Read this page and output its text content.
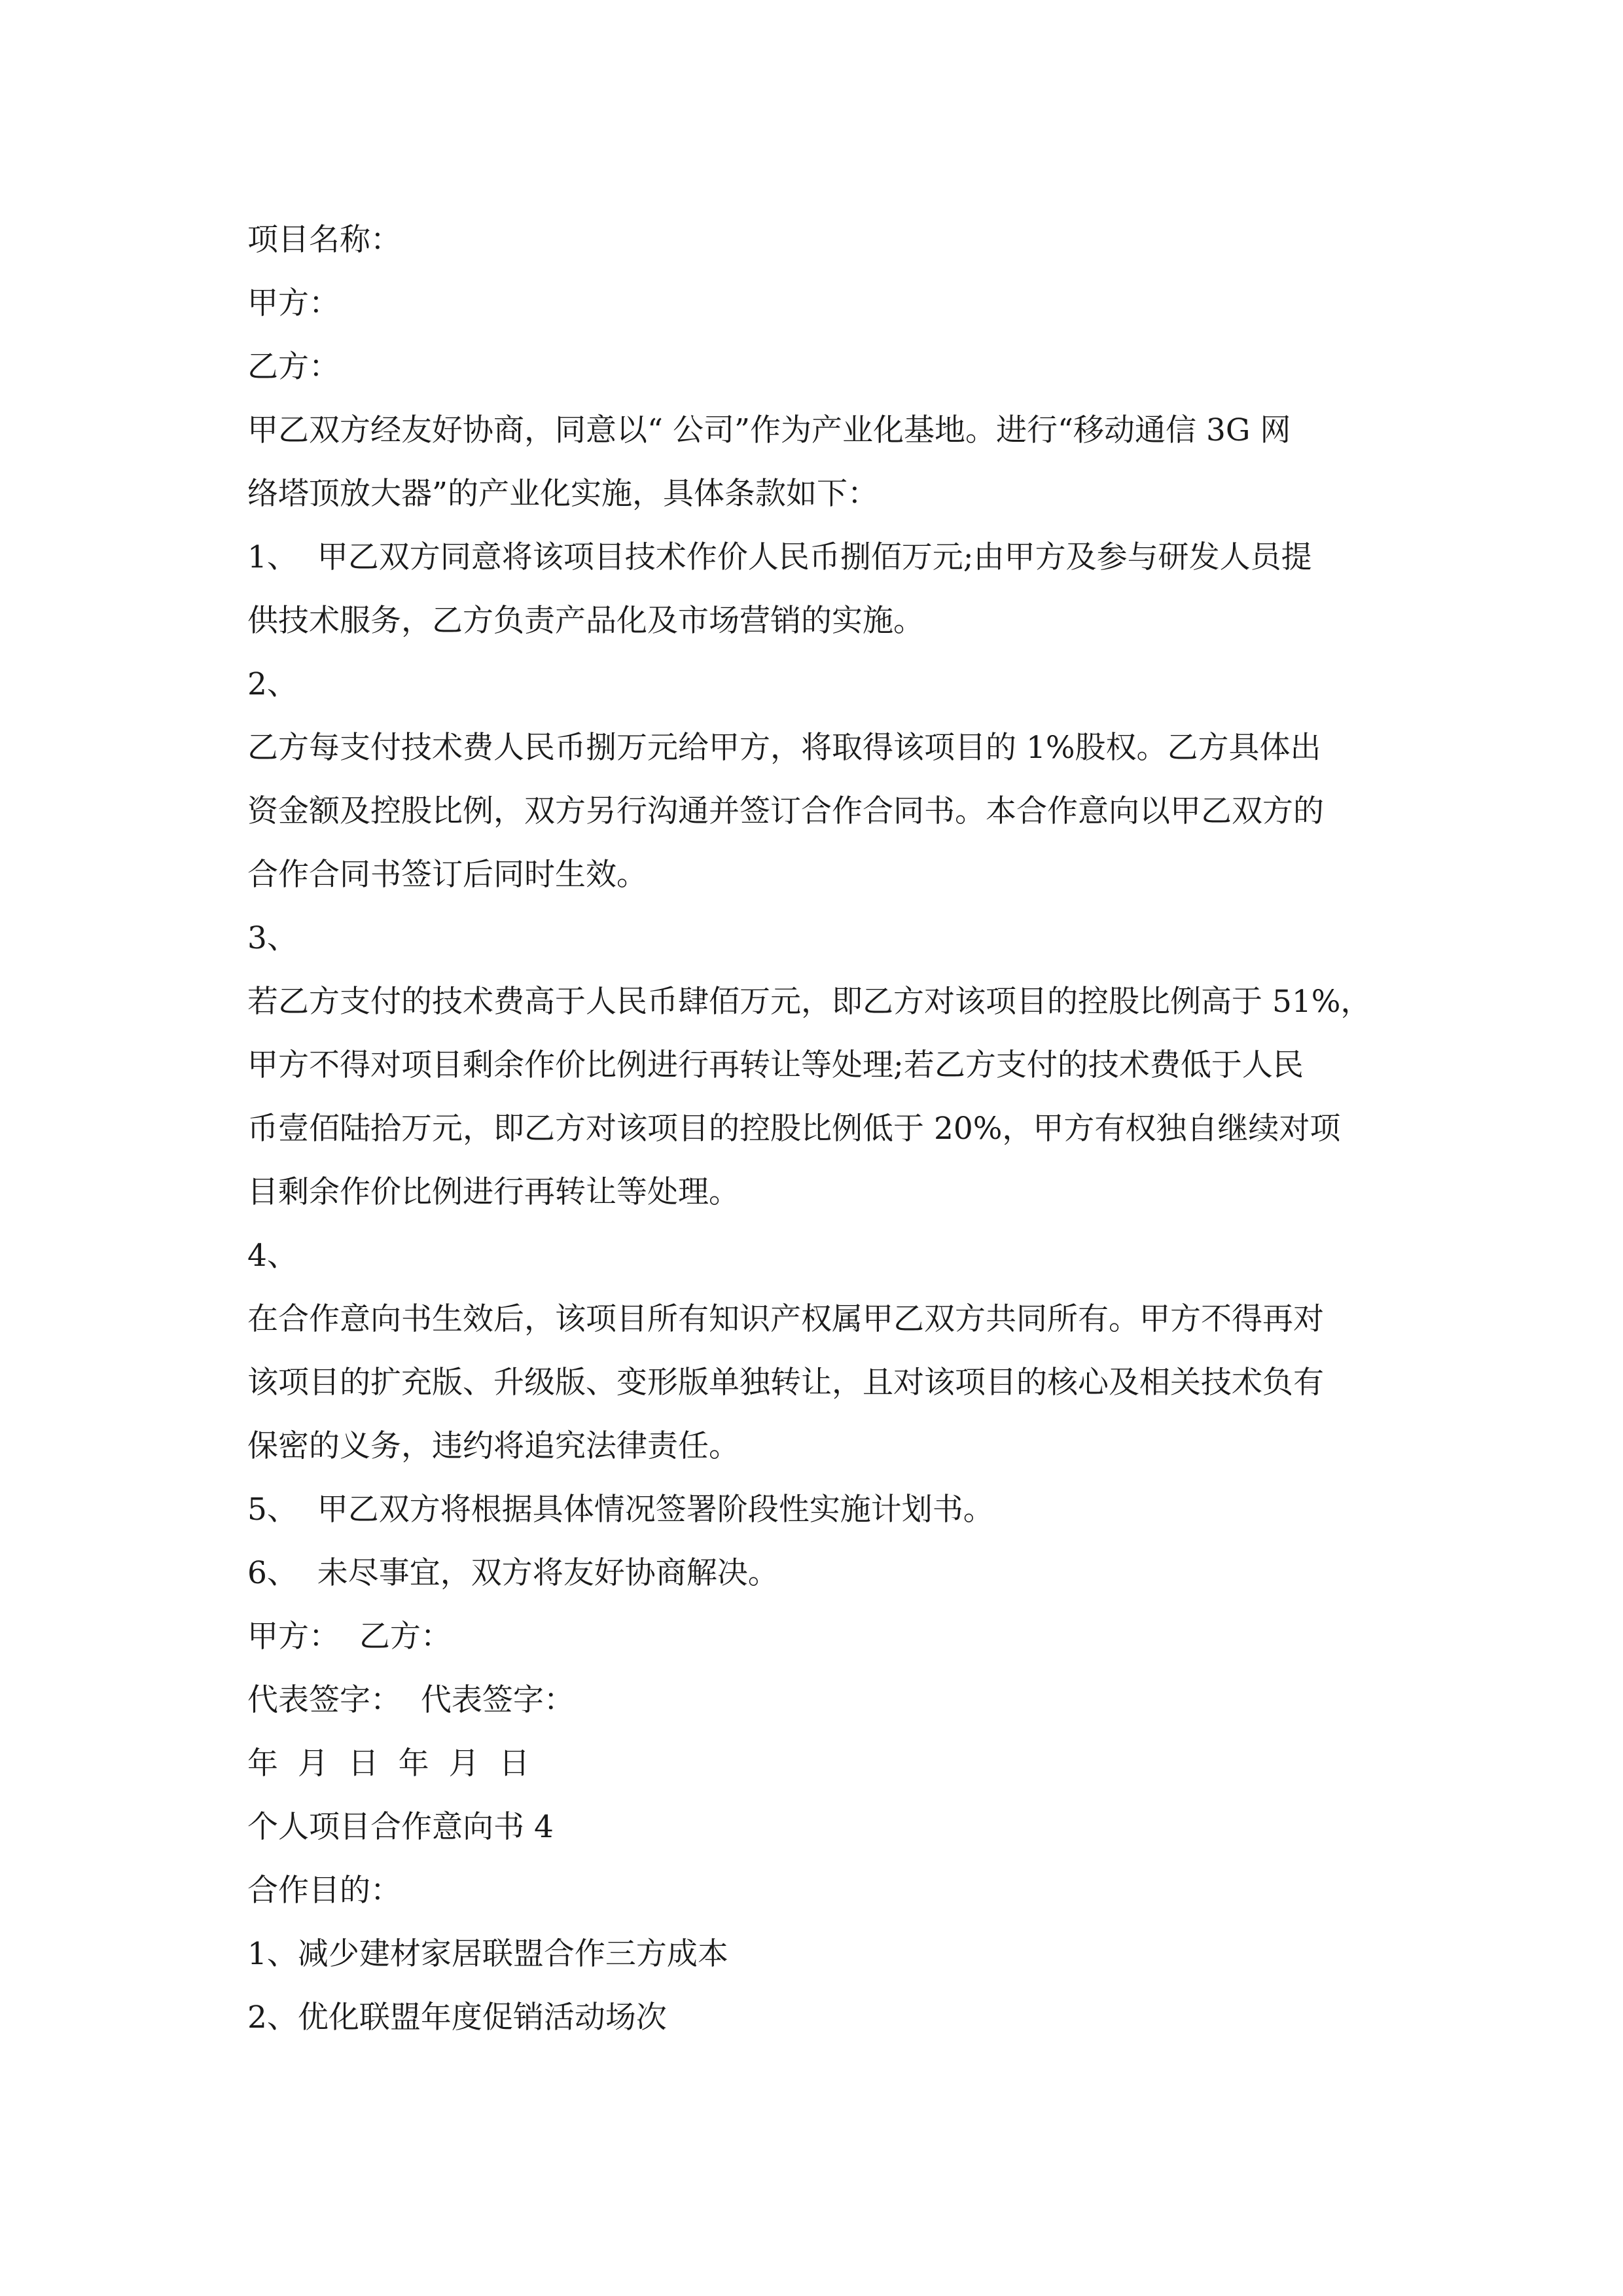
项目名称：

甲方：

乙方：

甲乙双方经友好协商，同意以“ 公司”作为产业化基地。进行“移动通信 3G 网

络塔顶放大器”的产业化实施，具体条款如下：

1、  甲乙双方同意将该项目技术作价人民币捌佰万元;由甲方及参与研发人员提

供技术服务，乙方负责产品化及市场营销的实施。

2、

乙方每支付技术费人民币捌万元给甲方，将取得该项目的 1%股权。乙方具体出

资金额及控股比例，双方另行沟通并签订合作合同书。本合作意向以甲乙双方的

合作合同书签订后同时生效。

3、

若乙方支付的技术费高于人民币肆佰万元，即乙方对该项目的控股比例高于 51%，

甲方不得对项目剩余作价比例进行再转让等处理;若乙方支付的技术费低于人民

币壹佰陆拾万元，即乙方对该项目的控股比例低于 20%，甲方有权独自继续对项

目剩余作价比例进行再转让等处理。

4、

在合作意向书生效后，该项目所有知识产权属甲乙双方共同所有。甲方不得再对

该项目的扩充版、升级版、变形版单独转让，且对该项目的核心及相关技术负有

保密的义务，违约将追究法律责任。

5、  甲乙双方将根据具体情况签署阶段性实施计划书。

6、  未尽事宜，双方将友好协商解决。

甲方：  乙方：

代表签字：  代表签字：

年  月  日  年  月  日

个人项目合作意向书 4

合作目的：

1、减少建材家居联盟合作三方成本

2、优化联盟年度促销活动场次
